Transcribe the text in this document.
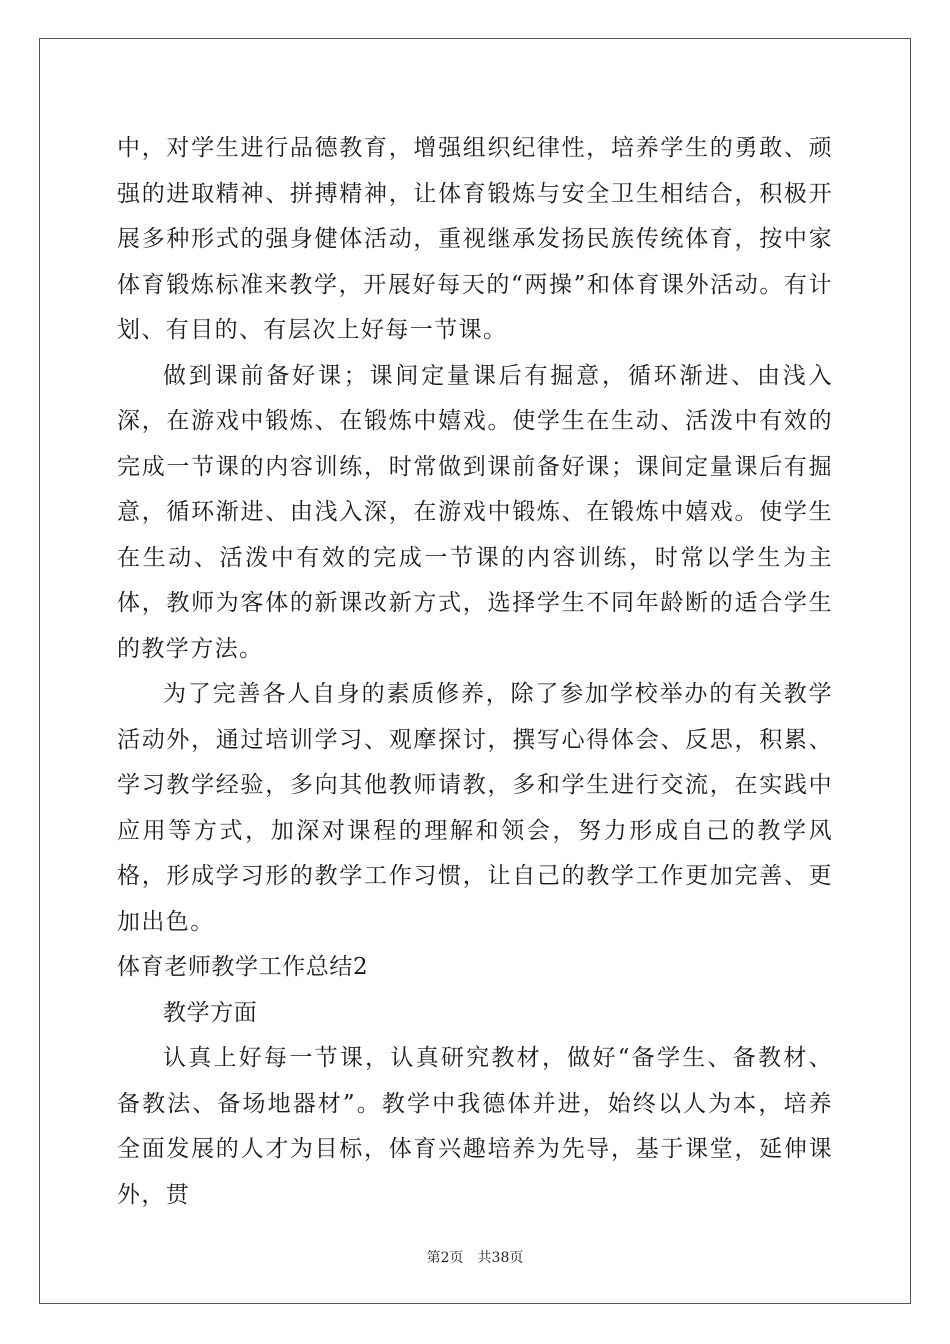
中，对学生进行品德教育，增强组织纪律性，培养学生的勇敢、顽强的进取精神、拼搏精神，让体育锻炼与安全卫生相结合，积极开展多种形式的强身健体活动，重视继承发扬民族传统体育，按中家体育锻炼标准来教学，开展好每天的“两操”和体育课外活动。有计划、有目的、有层次上好每一节课。

做到课前备好课；课间定量课后有掘意，循环渐进、由浅入深，在游戏中锻炼、在锻炼中嬉戏。使学生在生动、活泼中有效的完成一节课的内容训练，时常做到课前备好课；课间定量课后有掘意，循环渐进、由浅入深，在游戏中锻炼、在锻炼中嬉戏。使学生在生动、活泼中有效的完成一节课的内容训练，时常以学生为主体，教师为客体的新课改新方式，选择学生不同年龄断的适合学生的教学方法。

为了完善各人自身的素质修养，除了参加学校举办的有关教学活动外，通过培训学习、观摩探讨，撰写心得体会、反思，积累、学习教学经验，多向其他教师请教，多和学生进行交流，在实践中应用等方式，加深对课程的理解和领会，努力形成自己的教学风格，形成学习形的教学工作习惯，让自己的教学工作更加完善、更加出色。

体育老师教学工作总结2

教学方面

认真上好每一节课，认真研究教材，做好“备学生、备教材、备教法、备场地器材”。教学中我德体并进，始终以人为本，培养全面发展的人才为目标，体育兴趣培养为先导，基于课堂，延伸课外，贯

第2页 共38页
